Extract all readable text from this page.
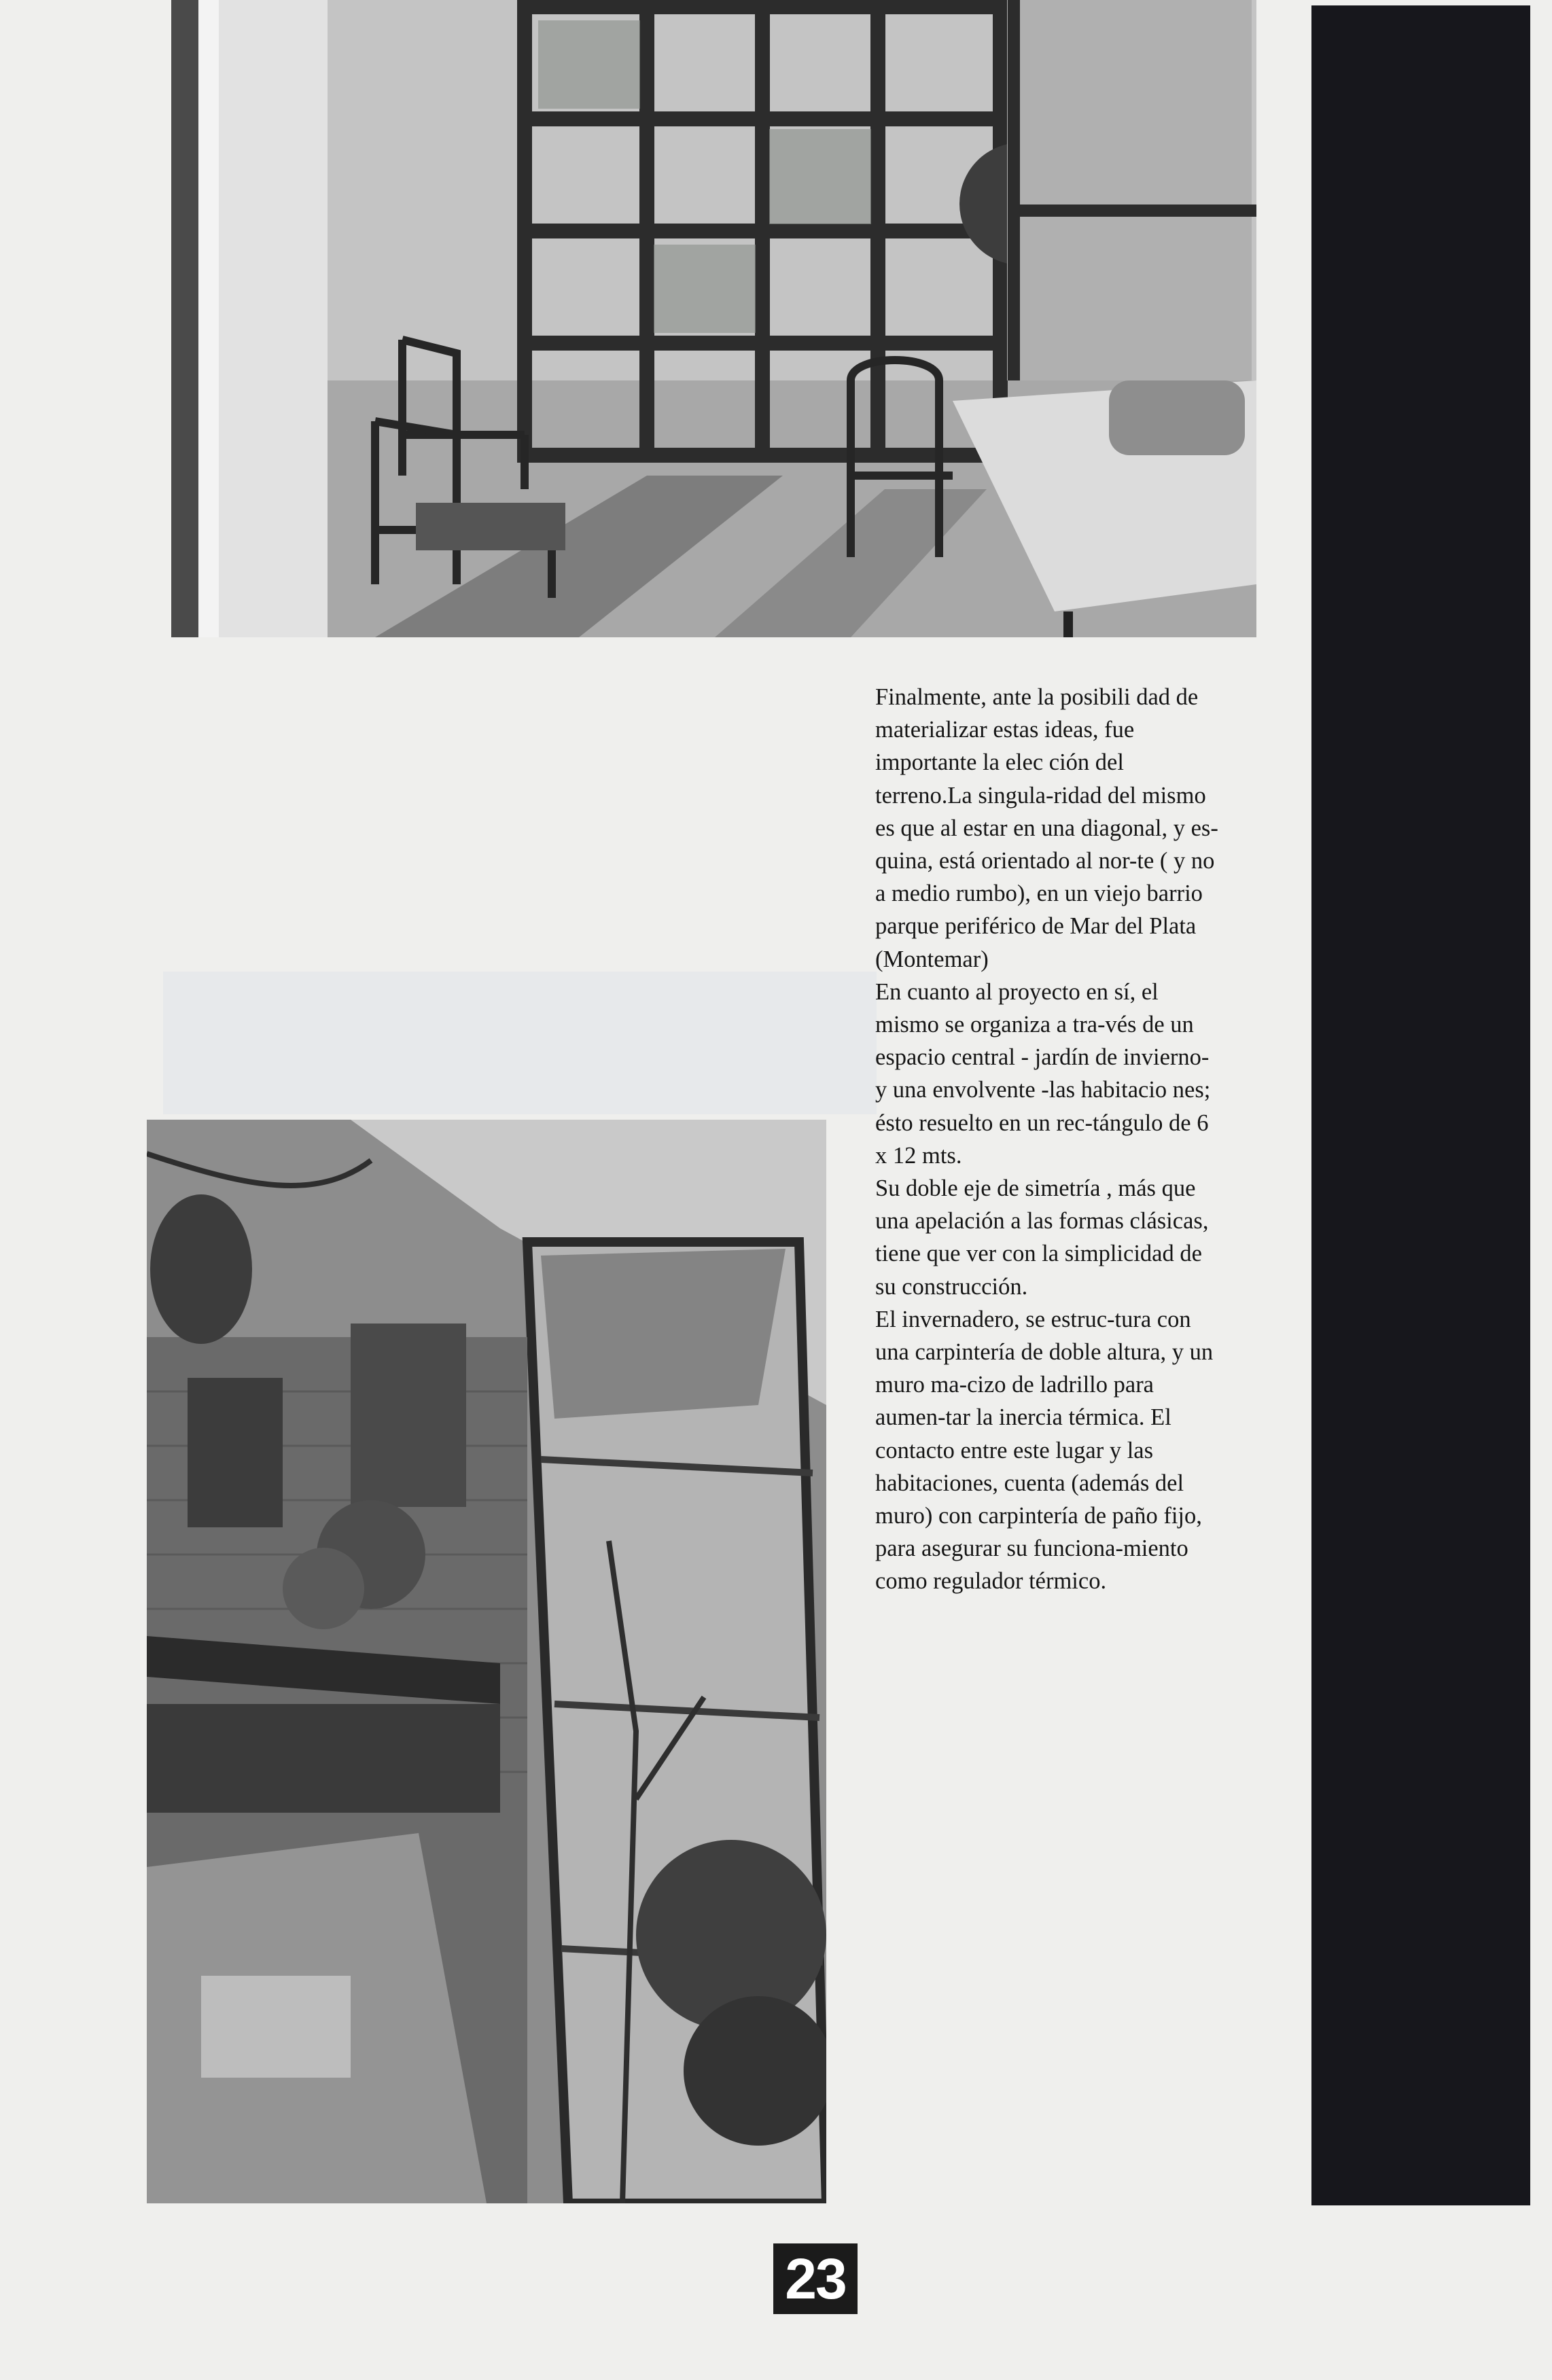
Finalmente, ante la posibili dad de materializar estas ideas, fue importante la elec ción del terreno.La singula-ridad del mismo es que al estar en una diagonal, y es-quina, está orientado al nor-te ( y no a medio rumbo), en un viejo barrio parque periférico de Mar del Plata (Montemar)

En cuanto al proyecto en sí, el mismo se organiza a tra-vés de un espacio central - jardín de invierno- y una envolvente -las habitacio nes; ésto resuelto en un rec-tángulo de 6 x 12 mts.

Su doble eje de simetría , más que una apelación a las formas clásicas, tiene que ver con la simplicidad de su construcción.

El invernadero, se estruc-tura con una carpintería de doble altura, y un muro ma-cizo de ladrillo para aumen-tar la inercia térmica. El contacto entre este lugar y las habitaciones, cuenta (además del muro) con carpintería de paño fijo, para asegurar su funciona-miento como regulador térmico.

23
